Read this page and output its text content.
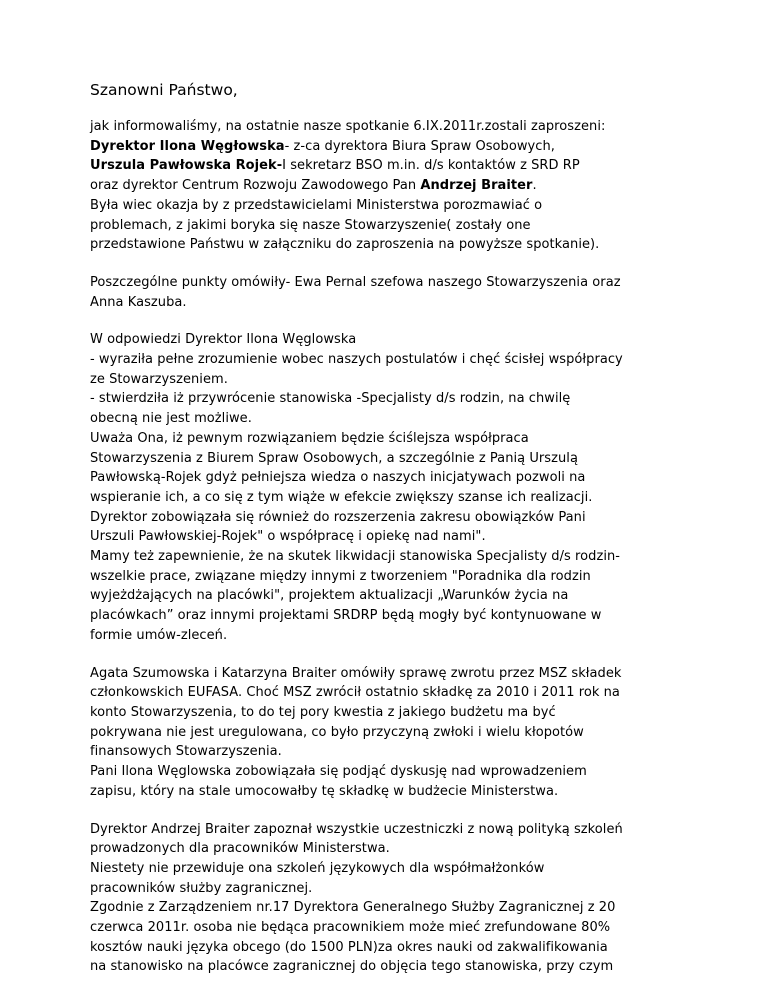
Szanowni Państwo,
jak informowaliśmy, na ostatnie nasze spotkanie 6.IX.2011r.zostali zaproszeni:
Dyrektor Ilona Węgłowska- z-ca dyrektora Biura Spraw Osobowych,
Urszula Pawłowska Rojek-I sekretarz BSO m.in. d/s kontaktów z SRD RP
oraz dyrektor Centrum Rozwoju Zawodowego Pan Andrzej Braiter.
Była wiec okazja by z przedstawicielami Ministerstwa porozmawiać o
problemach, z jakimi boryka się nasze Stowarzyszenie( zostały one
przedstawione Państwu w załączniku do zaproszenia na powyższe spotkanie).
Poszczególne punkty omówiły- Ewa Pernal szefowa naszego Stowarzyszenia oraz
Anna Kaszuba.
W odpowiedzi Dyrektor Ilona Węglowska
- wyraziła pełne zrozumienie wobec naszych postulatów i chęć ścisłej współpracy
ze Stowarzyszeniem.
- stwierdziła iż przywrócenie stanowiska -Specjalisty d/s rodzin, na chwilę
obecną nie jest możliwe.
Uważa Ona, iż pewnym rozwiązaniem będzie ściślejsza współpraca
Stowarzyszenia z Biurem Spraw Osobowych, a szczególnie z Panią Urszulą
Pawłowską-Rojek gdyż pełniejsza wiedza o naszych inicjatywach pozwoli na
wspieranie ich, a co się z tym wiąże w efekcie zwiększy szanse ich realizacji.
Dyrektor zobowiązała się również do rozszerzenia zakresu obowiązków Pani
Urszuli Pawłowskiej-Rojek" o współpracę i opiekę nad nami".
Mamy też zapewnienie, że na skutek likwidacji stanowiska Specjalisty d/s rodzin-
wszelkie prace, związane między innymi z tworzeniem "Poradnika dla rodzin
wyjeżdżających na placówki", projektem aktualizacji „Warunków życia na
placówkach” oraz innymi projektami SRDRP będą mogły być kontynuowane w
formie umów-zleceń.
Agata Szumowska i Katarzyna Braiter omówiły sprawę zwrotu przez MSZ składek
członkowskich EUFASA. Choć MSZ zwrócił ostatnio składkę za 2010 i 2011 rok na
konto Stowarzyszenia, to do tej pory kwestia z jakiego budżetu ma być
pokrywana nie jest uregulowana, co było przyczyną zwłoki i wielu kłopotów
finansowych Stowarzyszenia.
Pani Ilona Węglowska zobowiązała się podjąć dyskusję nad wprowadzeniem
zapisu, który na stale umocowałby tę składkę w budżecie Ministerstwa.
Dyrektor Andrzej Braiter zapoznał wszystkie uczestniczki z nową polityką szkoleń
prowadzonych dla pracowników Ministerstwa.
Niestety nie przewiduje ona szkoleń językowych dla współmałżonków
pracowników służby zagranicznej.
Zgodnie z Zarządzeniem nr.17 Dyrektora Generalnego Służby Zagranicznej z 20
czerwca 2011r. osoba nie będąca pracownikiem może mieć zrefundowane 80%
kosztów nauki języka obcego (do 1500 PLN)za okres nauki od zakwalifikowania
na stanowisko na placówce zagranicznej do objęcia tego stanowiska, przy czym
